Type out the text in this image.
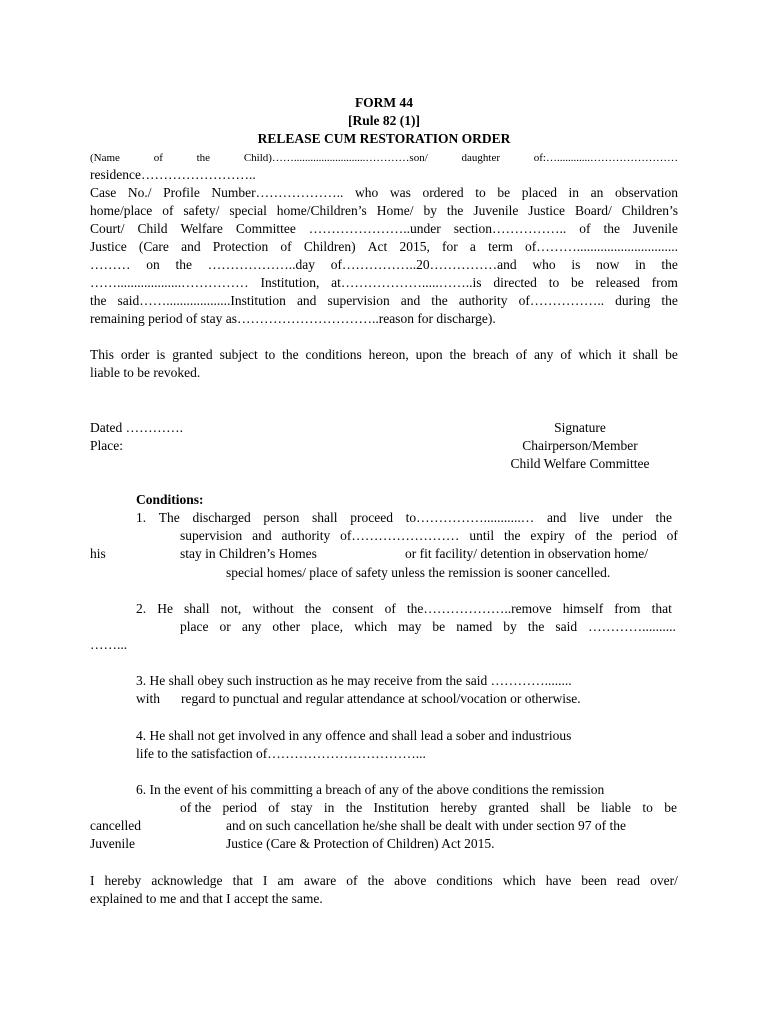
FORM 44
[Rule 82 (1)]
RELEASE CUM RESTORATION ORDER
(Name	of	the	Child)……..........................…………son/	daughter	of:…............……………………
residence……………………..
Case No./ Profile Number……………….. who was ordered to be placed in an observation
home/place of safety/ special home/Children’s Home/ by the Juvenile Justice Board/ Children’s
Court/ Child Welfare Committee …………………..under section…………….. of the Juvenile
Justice (Care and Protection of Children) Act 2015, for a term of………..............................
……… on the ………………..day of……………..20……………and who is now in the
……...................…………… Institution, at……………….....……..is directed to be released from
the said……...................Institution and supervision and the authority of…………….. during the
remaining period of stay as…………………………..reason for discharge).
This order is granted subject to the conditions hereon, upon the breach of any of which it shall be
liable to be revoked.
Dated ………….
Place:
Signature
Chairperson/Member
Child Welfare Committee
Conditions:
1. The discharged person shall proceed to……………...........… and live under the
supervision and authority of…………………… until the expiry of the period of
his	stay in Children’s Homes	or fit facility/ detention in observation home/
special homes/ place of safety unless the remission is sooner cancelled.
2. He shall not, without the consent of the………………..remove himself from that
place or any other place, which may be named by the said …………..........
……...
3. He shall obey such instruction as he may receive from the said …………........
with regard to punctual and regular attendance at school/vocation or otherwise.
4. He shall not get involved in any offence and shall lead a sober and industrious
life to the satisfaction of……………………………...
6. In the event of his committing a breach of any of the above conditions the remission
of the period of stay in the Institution hereby granted shall be liable to be
cancelled	and on such cancellation he/she shall be dealt with under section 97 of the
Juvenile	Justice (Care & Protection of Children) Act 2015.
I hereby acknowledge that I am aware of the above conditions which have been read over/
explained to me and that I accept the same.
